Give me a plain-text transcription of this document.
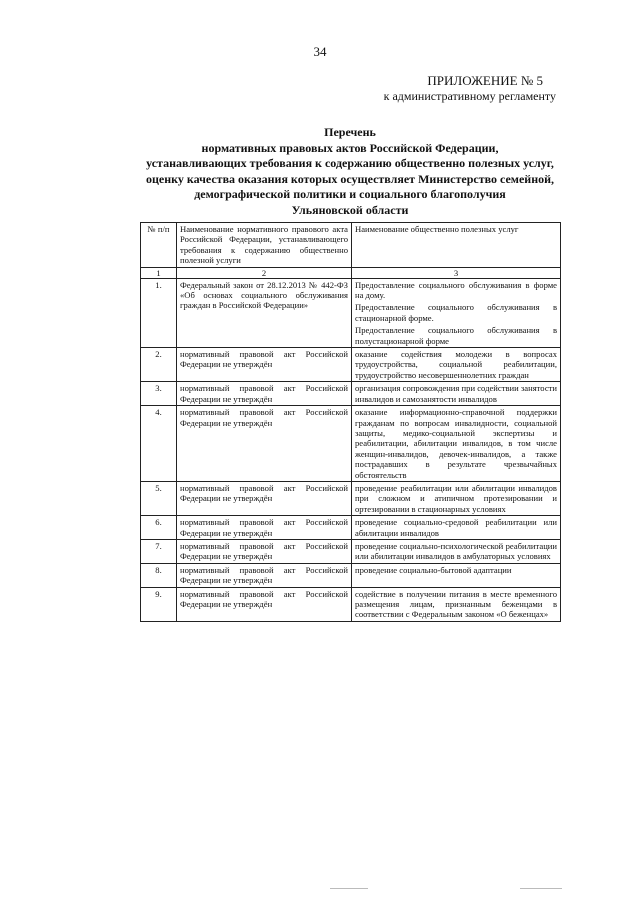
34
ПРИЛОЖЕНИЕ № 5
к административному регламенту
Перечень
нормативных правовых актов Российской Федерации,
устанавливающих требования к содержанию общественно полезных услуг,
оценку качества оказания которых осуществляет Министерство семейной,
демографической политики и социального благополучия
Ульяновской области
№ п/п	Наименование нормативного правового акта Российской Федерации, устанавливающего требования к содержанию общественно полезной услуги	Наименование общественно полезных услуг
1	2	3
1.	Федеральный закон от 28.12.2013 № 442-ФЗ «Об основах социального обслуживания граждан в Российской Федерации»	Предоставление социального обслуживания в форме на дому.
Предоставление социального обслуживания в стационарной форме.
Предоставление социального обслуживания в полустационарной форме

2.	нормативный правовой акт Российской Федерации не утверждён	оказание содействия молодежи в вопросах трудоустройства, социальной реабилитации, трудоустройство несовершеннолетних граждан

3.	нормативный правовой акт Российской Федерации не утверждён	организация сопровождения при содействии занятости инвалидов и самозанятости инвалидов

4.	нормативный правовой акт Российской Федерации не утверждён	оказание информационно-справочной поддержки гражданам по вопросам инвалидности, социальной защиты, медико-социальной экспертизы и реабилитации, абилитации инвалидов, в том числе женщин-инвалидов, девочек-инвалидов, а также пострадавших в результате чрезвычайных обстоятельств

5.	нормативный правовой акт Российской Федерации не утверждён	проведение реабилитации или абилитации инвалидов при сложном и атипичном протезировании и ортезировании в стационарных условиях

6.	нормативный правовой акт Российской Федерации не утверждён	проведение социально-средовой реабилитации или абилитации инвалидов

7.	нормативный правовой акт Российской Федерации не утверждён	проведение социально-психологической реабилитации или абилитации инвалидов в амбулаторных условиях

8.	нормативный правовой акт Российской Федерации не утверждён	проведение социально-бытовой адаптации

9.	нормативный правовой акт Российской Федерации не утверждён	содействие в получении питания в месте временного размещения лицам, признанным беженцами в соответствии с Федеральным законом «О беженцах»
